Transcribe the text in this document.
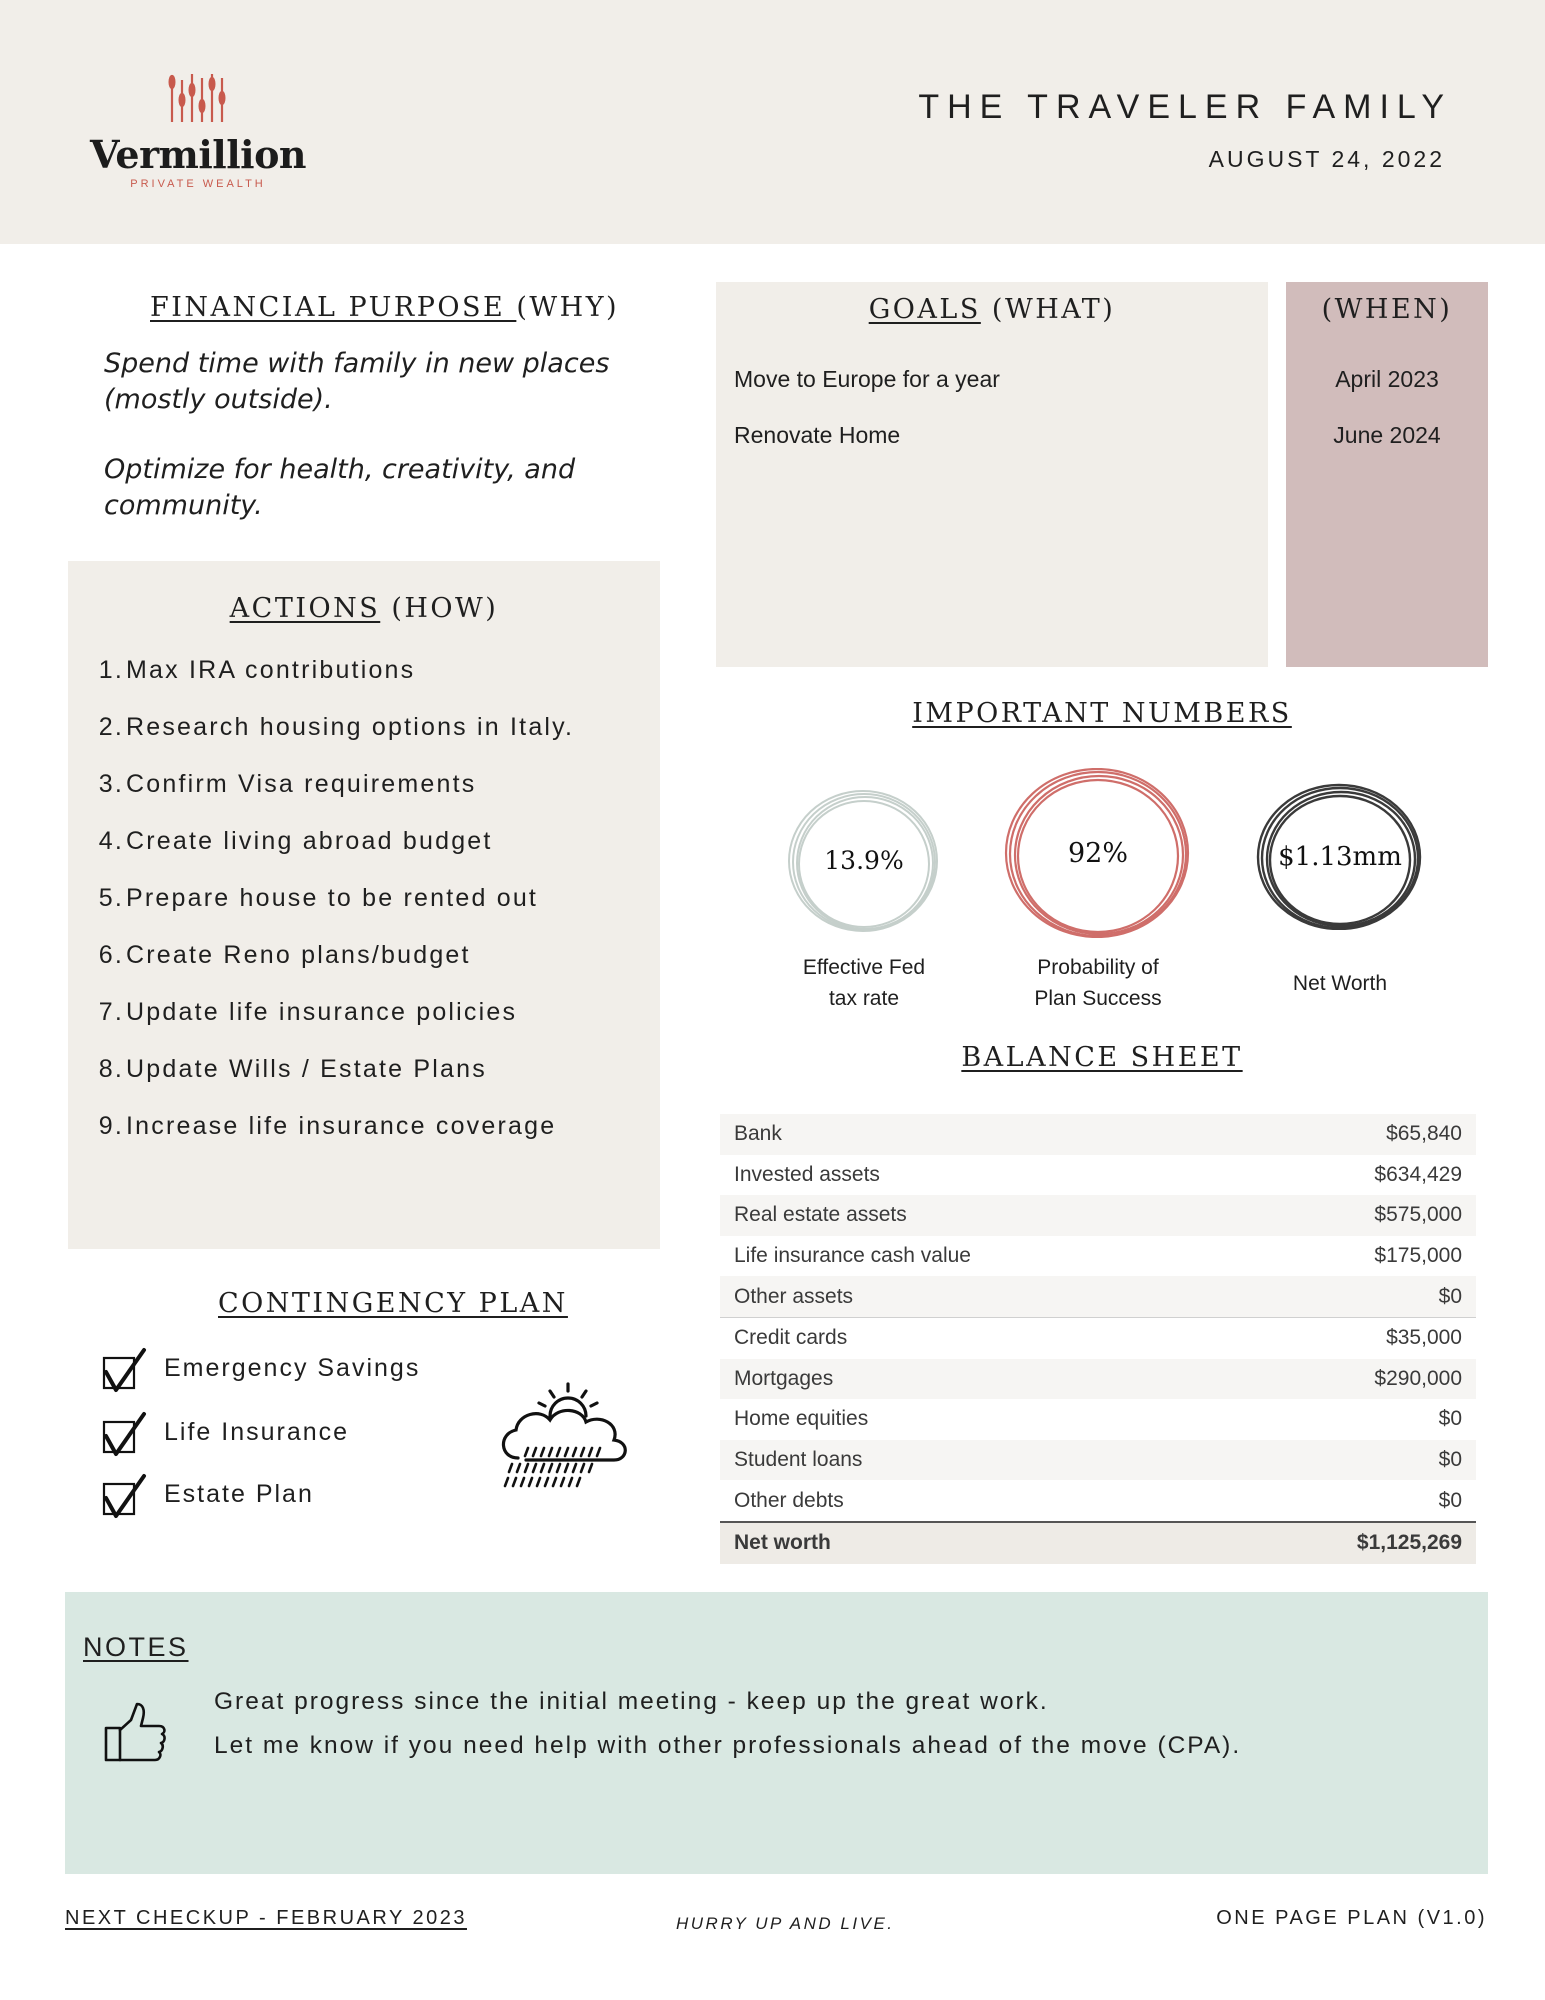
Vermillion
PRIVATE WEALTH
THE TRAVELER FAMILY
AUGUST 24, 2022
FINANCIAL PURPOSE (WHY)

Spend time with family in new places (mostly outside).

Optimize for health, creativity, and community.

ACTIONS (HOW)
1.Max IRA contributions
2.Research housing options in Italy.
3.Confirm Visa requirements
4.Create living abroad budget
5.Prepare house to be rented out
6.Create Reno plans/budget
7.Update life insurance policies
8.Update Wills / Estate Plans
9.Increase life insurance coverage
CONTINGENCY PLAN
Emergency Savings
Life Insurance
Estate Plan
GOALS (WHAT)
Move to Europe for a year
Renovate Home
(WHEN)
April 2023
June 2024
IMPORTANT NUMBERS
13.9%
Effective Fed
tax rate
92%
Probability of
Plan Success
$1.13mm
Net Worth
BALANCE SHEET
Bank	$65,840
Invested assets	$634,429
Real estate assets	$575,000
Life insurance cash value	$175,000
Other assets	$0
Credit cards	$35,000
Mortgages	$290,000
Home equities	$0
Student loans	$0
Other debts	$0
Net worth	$1,125,269
NOTES
Great progress since the initial meeting - keep up the great work.
Let me know if you need help with other professionals ahead of the move (CPA).
NEXT CHECKUP - FEBRUARY 2023	HURRY UP AND LIVE.	ONE PAGE PLAN (V1.0)
